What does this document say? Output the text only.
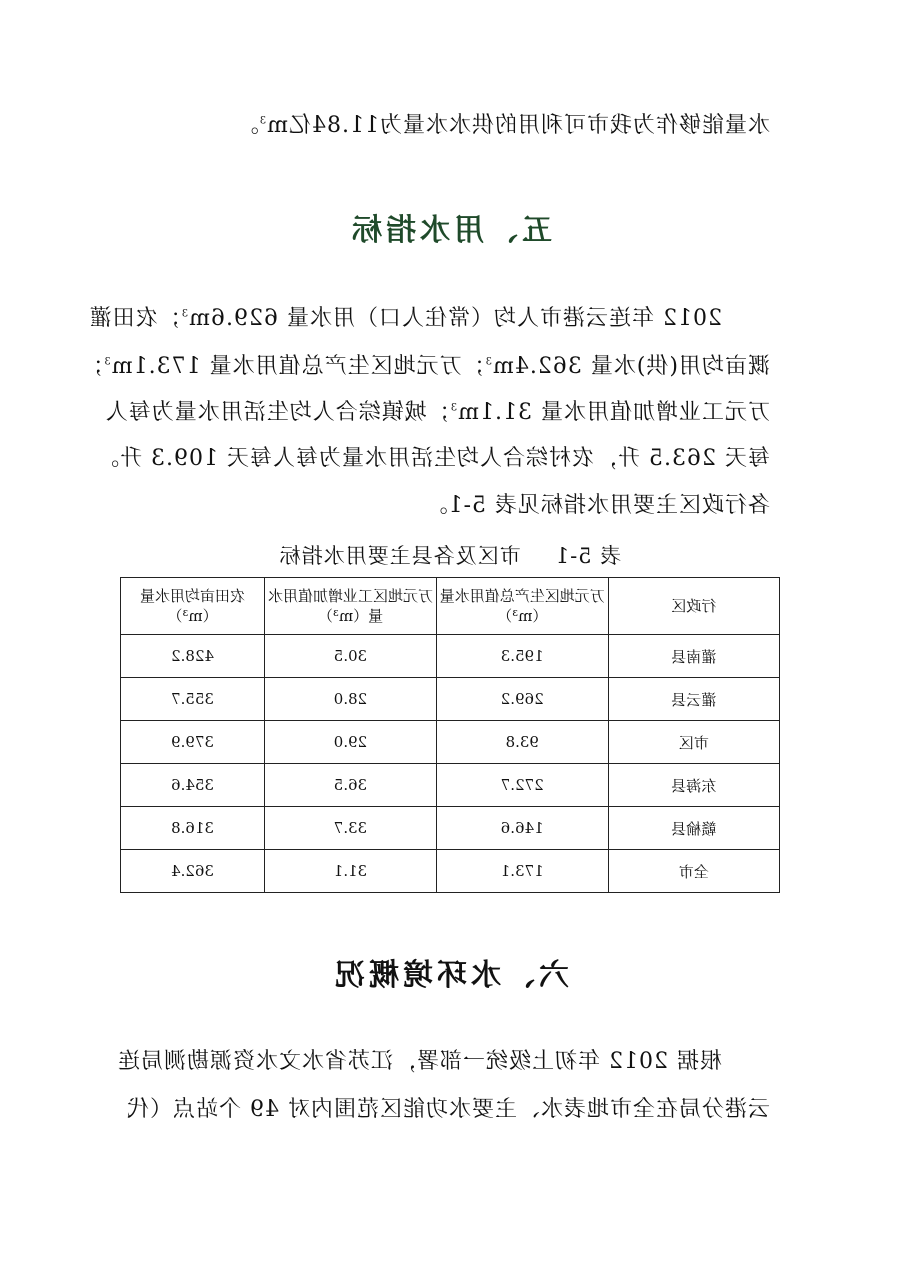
水量能够作为我市可利用的供水水量为11.84亿$m^3$。
五、用水指标
2012 年连云港市人均（常住人口）用水量 $629.6m^3$；农田灌
溉亩均用(供)水量 $362.4m^3$；万元地区生产总值用水量 $173.1m^3$；
万元工业增加值用水量 $31.1m^3$；城镇综合人均生活用水量为每人
每天 263.5 升，农村综合人均生活用水量为每人每天 109.3 升。
各行政区主要用水指标见表 5-1。
表 5-1市区及各县主要用水指标
行政区	万元地区生产总值用水量（m³）	万元地区工业增加值用水量（m³）	农田亩均用水量（m³）
灌南县	195.3	30.5	428.2
灌云县	269.2	28.0	355.7
市区	93.8	29.0	379.9
东海县	272.7	36.5	354.6
赣榆县	146.6	33.7	316.8
全市	173.1	31.1	362.4
六、水环境概况
根据 2012 年初上级统一部署，江苏省水文水资源勘测局连
云港分局在全市地表水、主要水功能区范围内对 49 个站点（代
